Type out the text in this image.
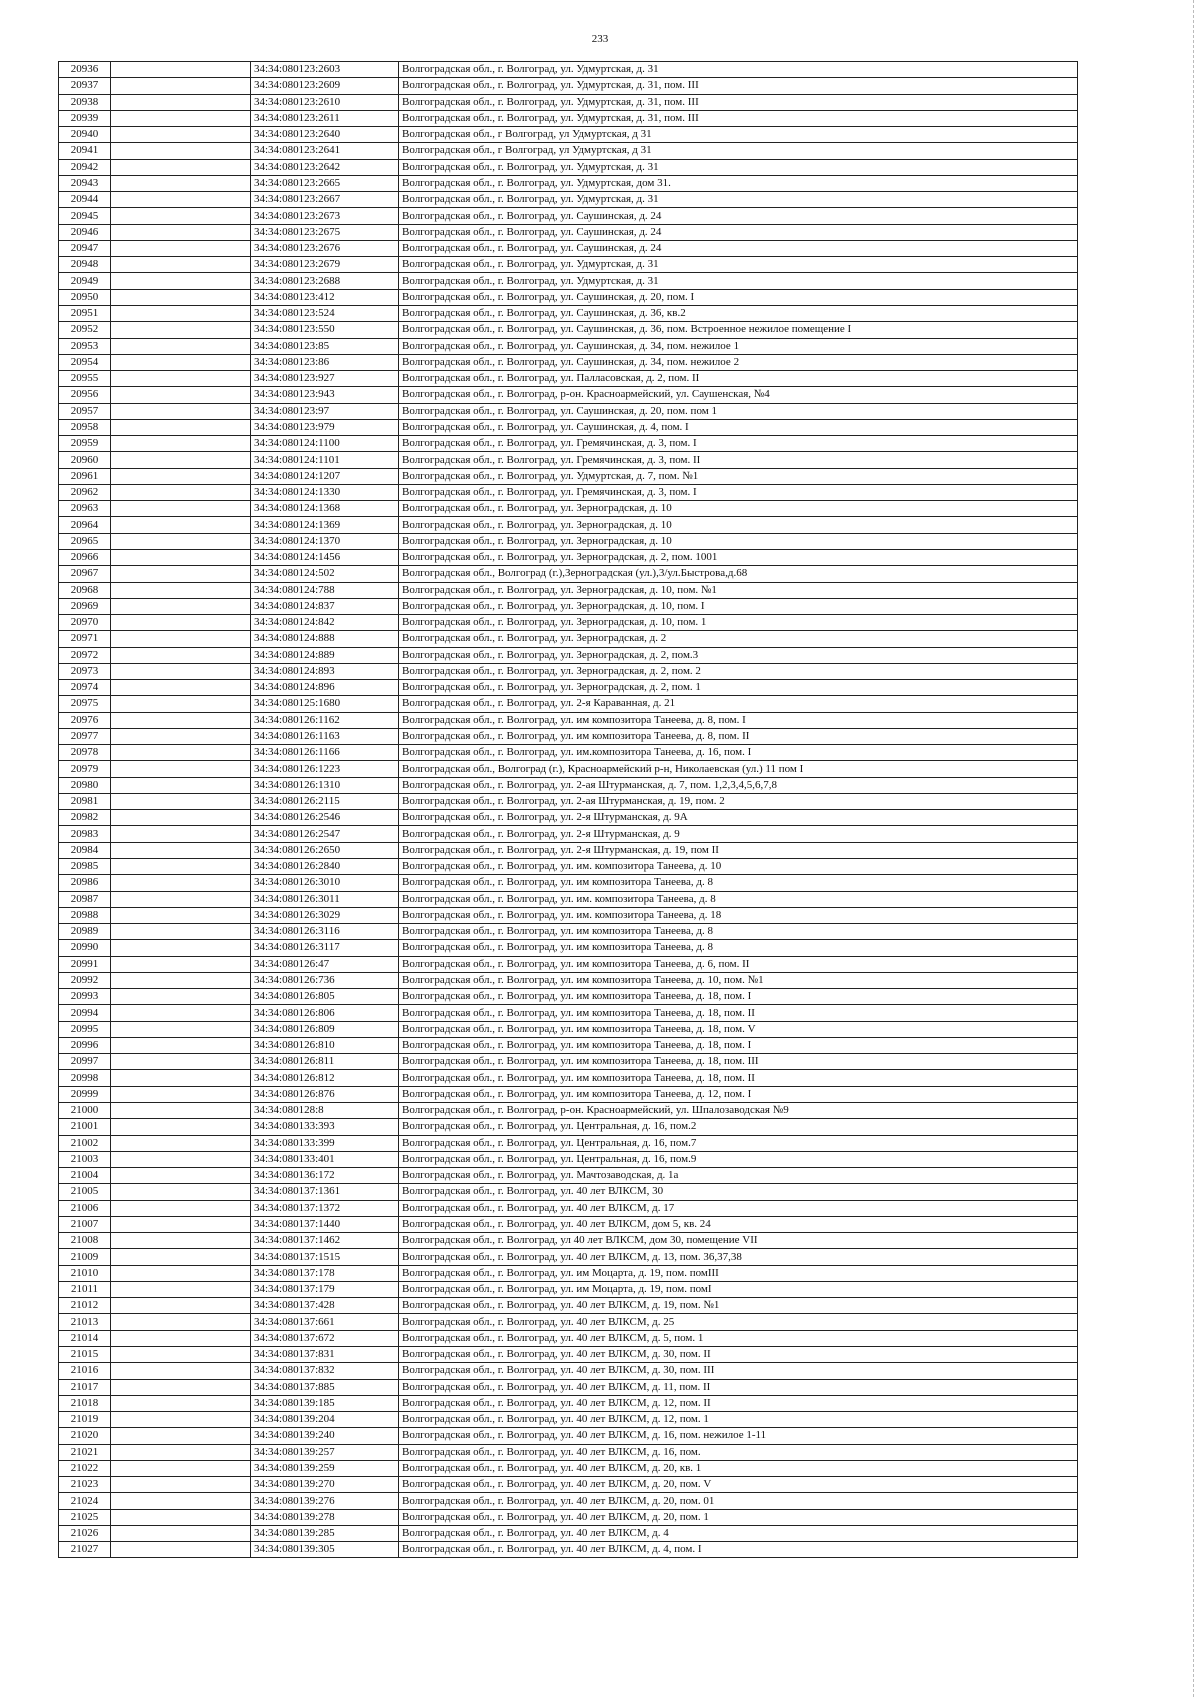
233
20936		34:34:080123:2603	Волгоградская обл., г. Волгоград, ул. Удмуртская, д. 31
20937		34:34:080123:2609	Волгоградская обл., г. Волгоград, ул. Удмуртская, д. 31, пом. III
20938		34:34:080123:2610	Волгоградская обл., г. Волгоград, ул. Удмуртская, д. 31, пом. III
20939		34:34:080123:2611	Волгоградская обл., г. Волгоград, ул. Удмуртская, д. 31, пом. III
20940		34:34:080123:2640	Волгоградская обл., г Волгоград, ул Удмуртская, д 31
20941		34:34:080123:2641	Волгоградская обл., г Волгоград, ул Удмуртская, д 31
20942		34:34:080123:2642	Волгоградская обл., г. Волгоград, ул. Удмуртская, д. 31
20943		34:34:080123:2665	Волгоградская обл., г. Волгоград, ул. Удмуртская, дом 31.
20944		34:34:080123:2667	Волгоградская обл., г. Волгоград, ул. Удмуртская, д. 31
20945		34:34:080123:2673	Волгоградская обл., г. Волгоград, ул. Саушинская, д. 24
20946		34:34:080123:2675	Волгоградская обл., г. Волгоград, ул. Саушинская, д. 24
20947		34:34:080123:2676	Волгоградская обл., г. Волгоград, ул. Саушинская, д. 24
20948		34:34:080123:2679	Волгоградская обл., г. Волгоград, ул. Удмуртская, д. 31
20949		34:34:080123:2688	Волгоградская обл., г. Волгоград, ул. Удмуртская, д. 31
20950		34:34:080123:412	Волгоградская обл., г. Волгоград, ул. Саушинская, д. 20, пом. I
20951		34:34:080123:524	Волгоградская обл., г. Волгоград, ул. Саушинская, д. 36, кв.2
20952		34:34:080123:550	Волгоградская обл., г. Волгоград, ул. Саушинская, д. 36, пом. Встроенное нежилое помещение I
20953		34:34:080123:85	Волгоградская обл., г. Волгоград, ул. Саушинская, д. 34, пом. нежилое 1
20954		34:34:080123:86	Волгоградская обл., г. Волгоград, ул. Саушинская, д. 34, пом. нежилое 2
20955		34:34:080123:927	Волгоградская обл., г. Волгоград, ул. Палласовская, д. 2, пом. II
20956		34:34:080123:943	Волгоградская обл., г. Волгоград, р-он. Красноармейский, ул. Саушенская, №4
20957		34:34:080123:97	Волгоградская обл., г. Волгоград, ул. Саушинская, д. 20, пом. пом 1
20958		34:34:080123:979	Волгоградская обл., г. Волгоград, ул. Саушинская, д. 4, пом. I
20959		34:34:080124:1100	Волгоградская обл., г. Волгоград, ул. Гремячинская, д. 3, пом. I
20960		34:34:080124:1101	Волгоградская обл., г. Волгоград, ул. Гремячинская, д. 3, пом. II
20961		34:34:080124:1207	Волгоградская обл., г. Волгоград, ул. Удмуртская, д. 7, пом. №1
20962		34:34:080124:1330	Волгоградская обл., г. Волгоград, ул. Гремячинская, д. 3, пом. I
20963		34:34:080124:1368	Волгоградская обл., г. Волгоград, ул. Зерноградская, д. 10
20964		34:34:080124:1369	Волгоградская обл., г. Волгоград, ул. Зерноградская, д. 10
20965		34:34:080124:1370	Волгоградская обл., г. Волгоград, ул. Зерноградская, д. 10
20966		34:34:080124:1456	Волгоградская обл., г. Волгоград, ул. Зерноградская, д. 2, пом. 1001
20967		34:34:080124:502	Волгоградская обл., Волгоград (г.),Зерноградская (ул.),3/ул.Быстрова,д.68
20968		34:34:080124:788	Волгоградская обл., г. Волгоград, ул. Зерноградская, д. 10, пом. №1
20969		34:34:080124:837	Волгоградская обл., г. Волгоград, ул. Зерноградская, д. 10, пом. I
20970		34:34:080124:842	Волгоградская обл., г. Волгоград, ул. Зерноградская, д. 10, пом. 1
20971		34:34:080124:888	Волгоградская обл., г. Волгоград, ул. Зерноградская, д. 2
20972		34:34:080124:889	Волгоградская обл., г. Волгоград, ул. Зерноградская, д. 2, пом.3
20973		34:34:080124:893	Волгоградская обл., г. Волгоград, ул. Зерноградская, д. 2, пом. 2
20974		34:34:080124:896	Волгоградская обл., г. Волгоград, ул. Зерноградская, д. 2, пом. 1
20975		34:34:080125:1680	Волгоградская обл., г. Волгоград, ул. 2-я Караванная, д. 21
20976		34:34:080126:1162	Волгоградская обл., г. Волгоград, ул. им композитора Танеева, д. 8, пом. I
20977		34:34:080126:1163	Волгоградская обл., г. Волгоград, ул. им композитора Танеева, д. 8, пом. II
20978		34:34:080126:1166	Волгоградская обл., г. Волгоград, ул. им.композитора Танеева, д. 16, пом. I
20979		34:34:080126:1223	Волгоградская обл., Волгоград (г.), Красноармейский р-н, Николаевская (ул.) 11 пом I
20980		34:34:080126:1310	Волгоградская обл., г. Волгоград, ул. 2-ая Штурманская, д. 7, пом. 1,2,3,4,5,6,7,8
20981		34:34:080126:2115	Волгоградская обл., г. Волгоград, ул. 2-ая Штурманская, д. 19, пом. 2
20982		34:34:080126:2546	Волгоградская обл., г. Волгоград, ул. 2-я Штурманская, д. 9А
20983		34:34:080126:2547	Волгоградская обл., г. Волгоград, ул. 2-я Штурманская, д. 9
20984		34:34:080126:2650	Волгоградская обл., г. Волгоград, ул. 2-я Штурманская, д. 19, пом II
20985		34:34:080126:2840	Волгоградская обл., г. Волгоград, ул. им. композитора Танеева, д. 10
20986		34:34:080126:3010	Волгоградская обл., г. Волгоград, ул. им композитора Танеева, д. 8
20987		34:34:080126:3011	Волгоградская обл., г. Волгоград, ул. им. композитора Танеева, д. 8
20988		34:34:080126:3029	Волгоградская обл., г. Волгоград, ул. им. композитора Танеева, д. 18
20989		34:34:080126:3116	Волгоградская обл., г. Волгоград, ул. им композитора Танеева, д. 8
20990		34:34:080126:3117	Волгоградская обл., г. Волгоград, ул. им композитора Танеева, д. 8
20991		34:34:080126:47	Волгоградская обл., г. Волгоград, ул. им композитора Танеева, д. 6, пом. II
20992		34:34:080126:736	Волгоградская обл., г. Волгоград, ул. им композитора Танеева, д. 10, пом. №1
20993		34:34:080126:805	Волгоградская обл., г. Волгоград, ул. им композитора Танеева, д. 18, пом. I
20994		34:34:080126:806	Волгоградская обл., г. Волгоград, ул. им композитора Танеева, д. 18, пом. II
20995		34:34:080126:809	Волгоградская обл., г. Волгоград, ул. им композитора Танеева, д. 18, пом. V
20996		34:34:080126:810	Волгоградская обл., г. Волгоград, ул. им композитора Танеева, д. 18, пом. I
20997		34:34:080126:811	Волгоградская обл., г. Волгоград, ул. им композитора Танеева, д. 18, пом. III
20998		34:34:080126:812	Волгоградская обл., г. Волгоград, ул. им композитора Танеева, д. 18, пом. II
20999		34:34:080126:876	Волгоградская обл., г. Волгоград, ул. им композитора Танеева, д. 12, пом. I
21000		34:34:080128:8	Волгоградская обл., г. Волгоград, р-он. Красноармейский, ул. Шпалозаводская №9
21001		34:34:080133:393	Волгоградская обл., г. Волгоград, ул. Центральная, д. 16, пом.2
21002		34:34:080133:399	Волгоградская обл., г. Волгоград, ул. Центральная, д. 16, пом.7
21003		34:34:080133:401	Волгоградская обл., г. Волгоград, ул. Центральная, д. 16, пом.9
21004		34:34:080136:172	Волгоградская обл., г. Волгоград, ул. Мачтозаводская, д. 1а
21005		34:34:080137:1361	Волгоградская обл., г. Волгоград, ул. 40 лет ВЛКСМ, 30
21006		34:34:080137:1372	Волгоградская обл., г. Волгоград, ул. 40 лет ВЛКСМ, д. 17
21007		34:34:080137:1440	Волгоградская обл., г. Волгоград, ул. 40 лет ВЛКСМ, дом 5, кв. 24
21008		34:34:080137:1462	Волгоградская обл., г. Волгоград, ул 40 лет ВЛКСМ, дом 30, помещение VII
21009		34:34:080137:1515	Волгоградская обл., г. Волгоград, ул. 40 лет ВЛКСМ, д. 13, пом. 36,37,38
21010		34:34:080137:178	Волгоградская обл., г. Волгоград, ул. им Моцарта, д. 19, пом. помIII
21011		34:34:080137:179	Волгоградская обл., г. Волгоград, ул. им Моцарта, д. 19, пом. помI
21012		34:34:080137:428	Волгоградская обл., г. Волгоград, ул. 40 лет ВЛКСМ, д. 19, пом. №1
21013		34:34:080137:661	Волгоградская обл., г. Волгоград, ул. 40 лет ВЛКСМ, д. 25
21014		34:34:080137:672	Волгоградская обл., г. Волгоград, ул. 40 лет ВЛКСМ, д. 5, пом. 1
21015		34:34:080137:831	Волгоградская обл., г. Волгоград, ул. 40 лет ВЛКСМ, д. 30, пом. II
21016		34:34:080137:832	Волгоградская обл., г. Волгоград, ул. 40 лет ВЛКСМ, д. 30, пом. III
21017		34:34:080137:885	Волгоградская обл., г. Волгоград, ул. 40 лет ВЛКСМ, д. 11, пом. II
21018		34:34:080139:185	Волгоградская обл., г. Волгоград, ул. 40 лет ВЛКСМ, д. 12, пом. II
21019		34:34:080139:204	Волгоградская обл., г. Волгоград, ул. 40 лет ВЛКСМ, д. 12, пом. 1
21020		34:34:080139:240	Волгоградская обл., г. Волгоград, ул. 40 лет ВЛКСМ, д. 16, пом. нежилое 1-11
21021		34:34:080139:257	Волгоградская обл., г. Волгоград, ул. 40 лет ВЛКСМ, д. 16, пом.
21022		34:34:080139:259	Волгоградская обл., г. Волгоград, ул. 40 лет ВЛКСМ, д. 20, кв. 1
21023		34:34:080139:270	Волгоградская обл., г. Волгоград, ул. 40 лет ВЛКСМ, д. 20, пом. V
21024		34:34:080139:276	Волгоградская обл., г. Волгоград, ул. 40 лет ВЛКСМ, д. 20, пом. 01
21025		34:34:080139:278	Волгоградская обл., г. Волгоград, ул. 40 лет ВЛКСМ, д. 20, пом. 1
21026		34:34:080139:285	Волгоградская обл., г. Волгоград, ул. 40 лет ВЛКСМ, д. 4
21027		34:34:080139:305	Волгоградская обл., г. Волгоград, ул. 40 лет ВЛКСМ, д. 4, пом. I
